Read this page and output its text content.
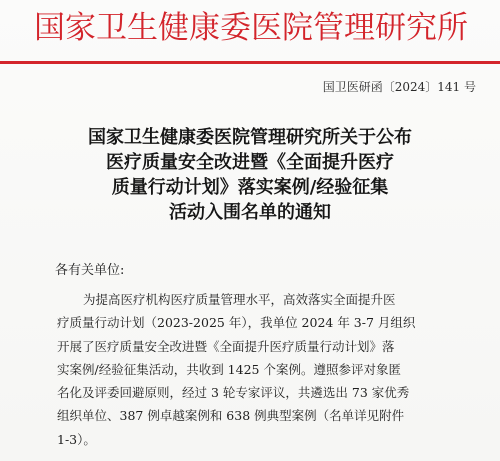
国家卫生健康委医院管理研究所
国卫医研函〔2024〕141 号
国家卫生健康委医院管理研究所关于公布
医疗质量安全改进暨《全面提升医疗
质量行动计划》落实案例/经验征集
活动入围名单的通知
各有关单位:
为提高医疗机构医疗质量管理水平，高效落实全面提升医
疗质量行动计划（2023-2025 年），我单位 2024 年 3-7 月组织
开展了医疗质量安全改进暨《全面提升医疗质量行动计划》落
实案例/经验征集活动，共收到 1425 个案例。遵照参评对象匿
名化及评委回避原则，经过 3 轮专家评议，共遴选出 73 家优秀
组织单位、387 例卓越案例和 638 例典型案例（名单详见附件
1-3）。
